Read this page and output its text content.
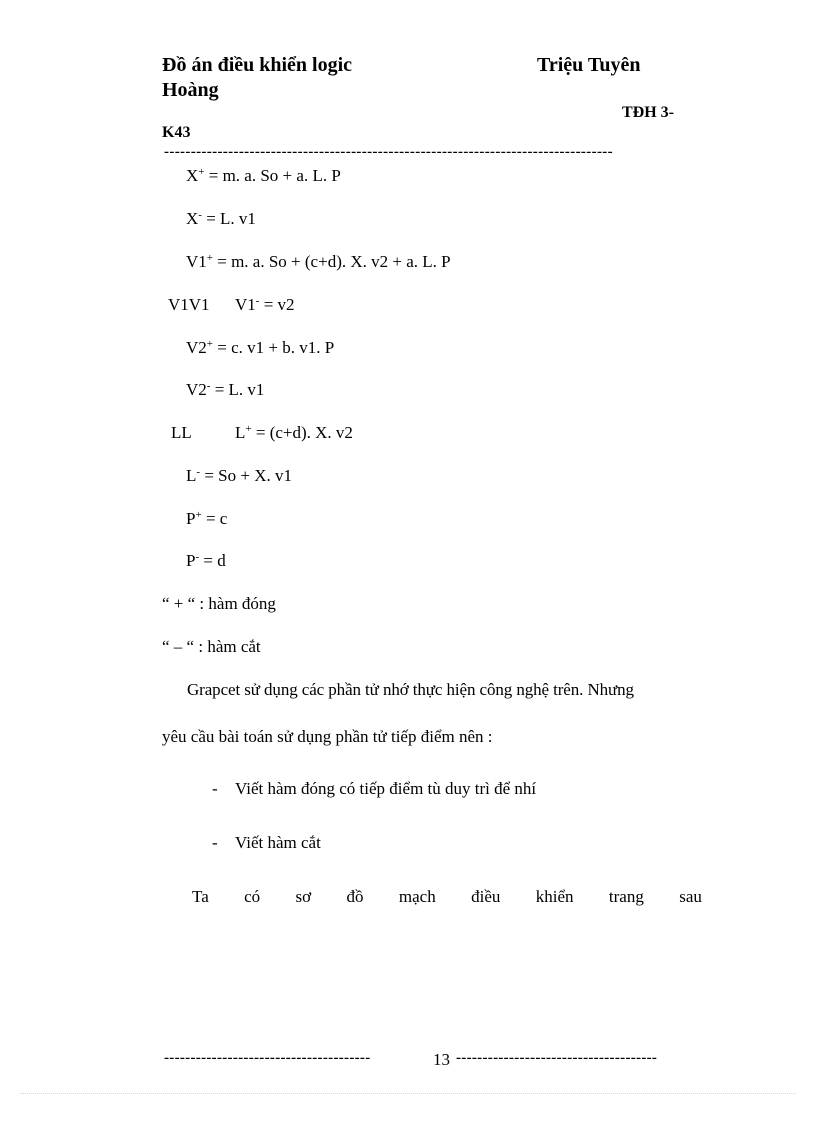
Đồ án điều khiển logic	Triệu Tuyên
Hoàng
TĐH 3-
K43
------------------------------------------------------------------------------------
X+ = m. a. So + a. L. P
X- = L. v1
V1+ = m. a. So + (c+d). X. v2 + a. L. P
V1V1 V1- = v2
V2+ = c. v1 + b. v1. P
V2- = L. v1
LL	L+ = (c+d). X. v2
L- = So + X. v1
P+ = c
P- = d
“ + “ : hàm đóng
“ – “ : hàm cắt
Grapcet sử dụng các phần tử nhớ thực hiện công nghệ trên. Nhưng
yêu cầu bài toán sử dụng phần tử tiếp điểm nên :
- Viết hàm đóng có tiếp điểm tù duy trì để nhí
- Viết hàm cắt
Ta có sơ đồ mạch điều khiển trang sau
---------------------------------------	13 --------------------------------------
